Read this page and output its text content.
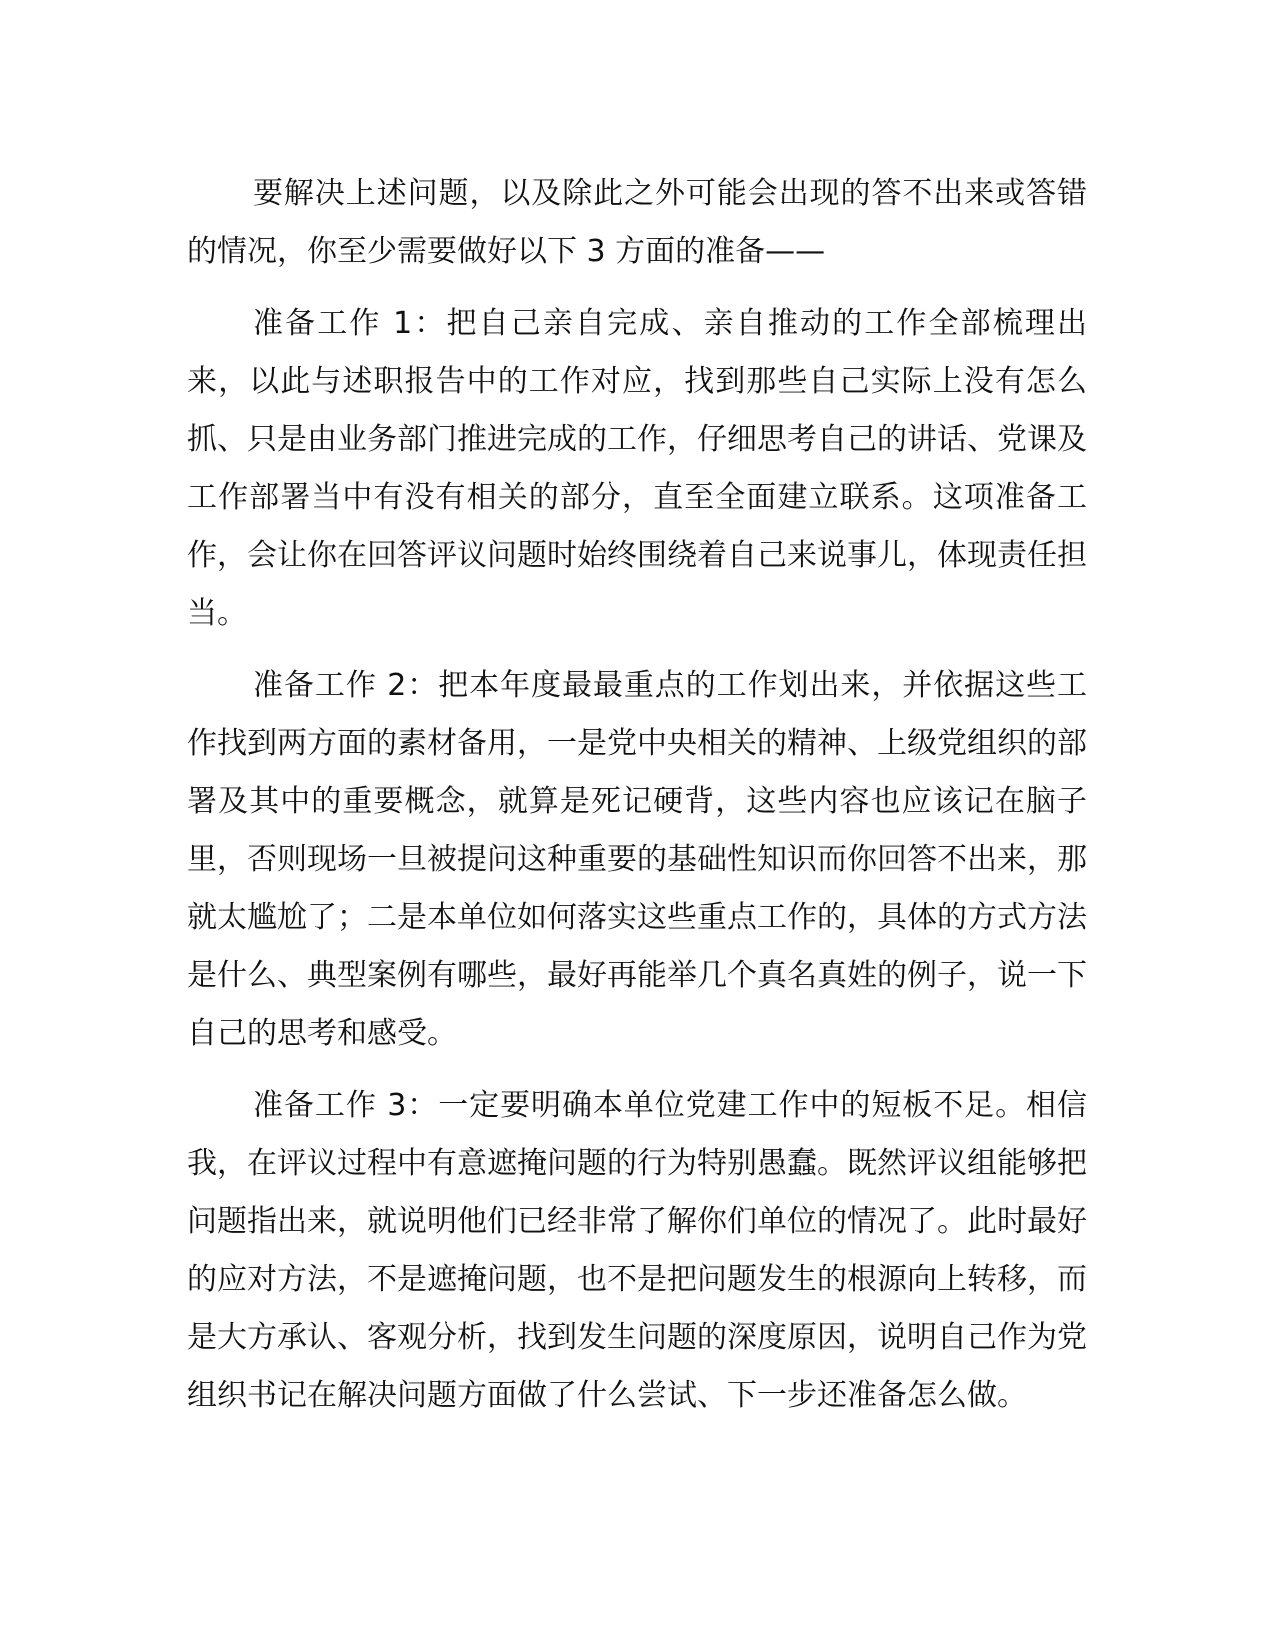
要解决上述问题，以及除此之外可能会出现的答不出来或答错的情况，你至少需要做好以下 3 方面的准备——

准备工作 1：把自己亲自完成、亲自推动的工作全部梳理出来，以此与述职报告中的工作对应，找到那些自己实际上没有怎么抓、只是由业务部门推进完成的工作，仔细思考自己的讲话、党课及工作部署当中有没有相关的部分，直至全面建立联系。这项准备工作，会让你在回答评议问题时始终围绕着自己来说事儿，体现责任担当。

准备工作 2：把本年度最最重点的工作划出来，并依据这些工作找到两方面的素材备用，一是党中央相关的精神、上级党组织的部署及其中的重要概念，就算是死记硬背，这些内容也应该记在脑子里，否则现场一旦被提问这种重要的基础性知识而你回答不出来，那就太尴尬了；二是本单位如何落实这些重点工作的，具体的方式方法是什么、典型案例有哪些，最好再能举几个真名真姓的例子，说一下自己的思考和感受。

准备工作 3：一定要明确本单位党建工作中的短板不足。相信我，在评议过程中有意遮掩问题的行为特别愚蠢。既然评议组能够把问题指出来，就说明他们已经非常了解你们单位的情况了。此时最好的应对方法，不是遮掩问题，也不是把问题发生的根源向上转移，而是大方承认、客观分析，找到发生问题的深度原因，说明自己作为党组织书记在解决问题方面做了什么尝试、下一步还准备怎么做。
